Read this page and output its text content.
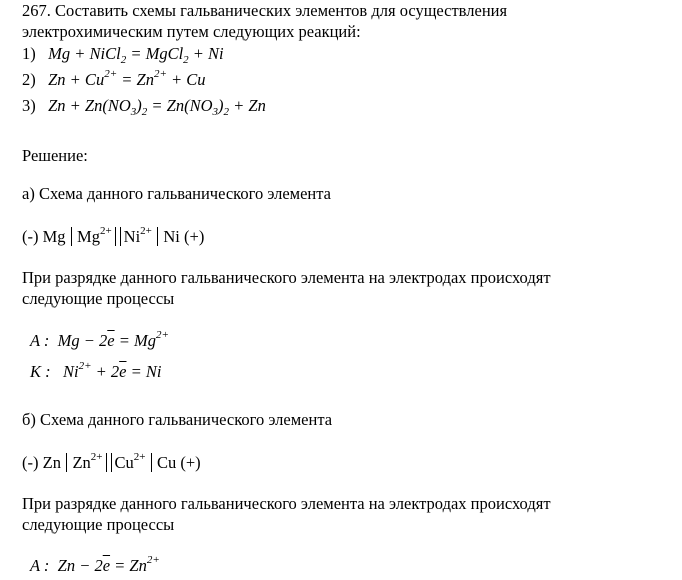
267. Составить схемы гальванических элементов для осуществления
электрохимическим путем следующих реакций:
1) Mg + NiCl$_2$ = MgCl$_2$ + Ni
2) $Zn + Cu^{2+} = Zn^{2+} + Cu$
3) $Zn + Zn(NO_3)_2 = Zn(NO_3)_2 + Zn$
Решение:
а) Схема данного гальванического элемента
(-) Mg $Mg^{2+}$ $Ni^{2+}$ Ni (+)
При разрядке данного гальванического элемента на электродах происходят
следующие процессы
A :  $Mg - 2\overline{e} = Mg^{2+}$
K :   $Ni^{2+} + 2\overline{e} = Ni$
б) Схема данного гальванического элемента
(-) Zn $Zn^{2+}$ $Cu^{2+}$ Cu (+)
При разрядке данного гальванического элемента на электродах происходят
следующие процессы
A :  $Zn - 2\overline{e} = Zn^{2+}$
